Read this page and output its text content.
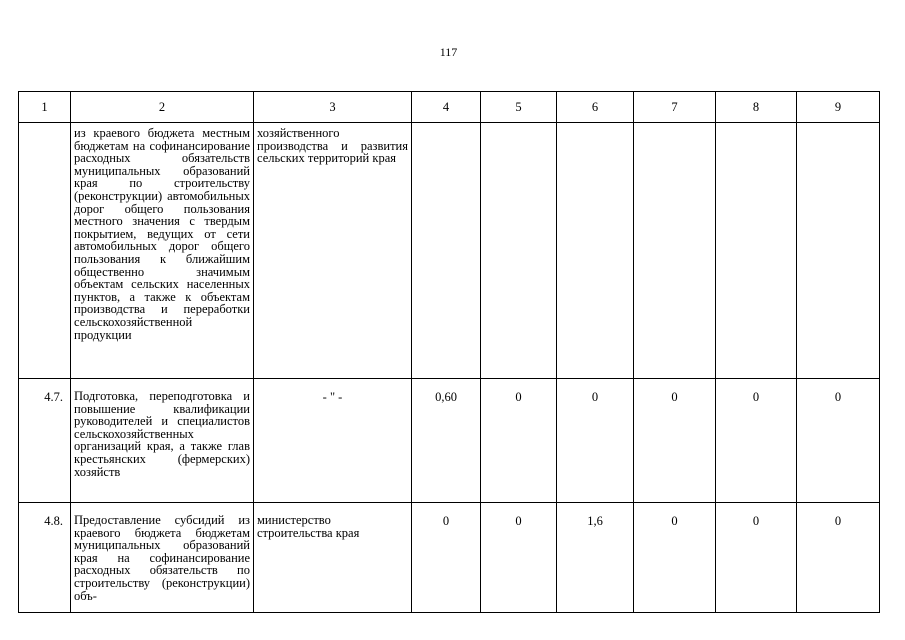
117
1	2	3	4	5	6	7	8	9
	из краевого бюджета местным бюджетам на софинансирование расходных обязательств муниципальных образований края по строительству (реконструкции) автомобильных дорог общего пользования местного значения с твердым покрытием, ведущих от сети автомобильных дорог общего пользования к ближайшим общественно значимым объектам сельских населенных пунктов, а также к объектам производства и переработки сельскохозяйственной продукции	хозяйственного производства и развития сельских территорий края						
4.7.	Подготовка, переподготовка и повышение квалификации руководителей и специалистов сельскохозяйственных организаций края, а также глав крестьянских (фермерских) хозяйств	- " -	0,60	0	0	0	0	0
4.8.	Предоставление субсидий из краевого бюджета бюджетам муниципальных образований края на софинансирование расходных обязательств по строительству (реконструкции) объ-	министерство строительства края	0	0	1,6	0	0	0
